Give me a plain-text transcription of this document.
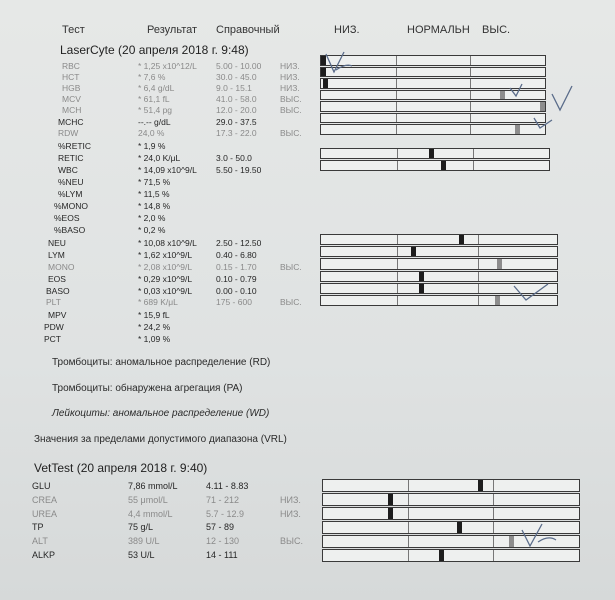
Тест	Результат Справочный	НИЗ.	НОРМАЛЬН ВЫС.
LaserCyte (20 апреля 2018 г. 9:48)
RBC	* 1,25 x10^12/L 5.00 - 10.00 НИЗ.
HCT	* 7,6 %	30.0 - 45.0	НИЗ.
HGB	* 6,4 g/dL	9.0 - 15.1	НИЗ.
MCV	* 61,1 fL	41.0 - 58.0	ВЫС.
MCH	* 51,4 pg	12.0 - 20.0	ВЫС.
MCHC	--.-- g/dL	29.0 - 37.5
RDW	24,0 %	17.3 - 22.0	ВЫС.
%RETIC	* 1,9 %
RETIC	* 24,0 K/μL	3.0 - 50.0
WBC	* 14,09 x10^9/L 5.50 - 19.50
%NEU	* 71,5 %
%LYM	* 11,5 %
%MONO	* 14,8 %
%EOS	* 2,0 %
%BASO	* 0,2 %
NEU	* 10,08 x10^9/L 2.50 - 12.50
LYM	* 1,62 x10^9/L	0.40 - 6.80
MONO	* 2,08 x10^9/L	0.15 - 1.70	ВЫС.
EOS	* 0,29 x10^9/L	0.10 - 0.79
BASO	* 0,03 x10^9/L	0.00 - 0.10
PLT	* 689 K/μL	175 - 600	ВЫС.
MPV	* 15,9 fL
PDW	* 24,2 %
PCT	* 1,09 %
Тромбоциты: аномальное распределение (RD)
Тромбоциты: обнаружена агрегация (PA)
Лейкоциты: аномальное распределение (WD)
Значения за пределами допустимого диапазона (VRL)
VetTest (20 апреля 2018 г. 9:40)
GLU	7,86 mmol/L	4.11 - 8.83
CREA	55 μmol/L	71 - 212	НИЗ.
UREA	4,4 mmol/L	5.7 - 12.9	НИЗ.
TP	75 g/L	57 - 89
ALT	389 U/L	12 - 130	ВЫС.
ALKP	53 U/L	14 - 111
